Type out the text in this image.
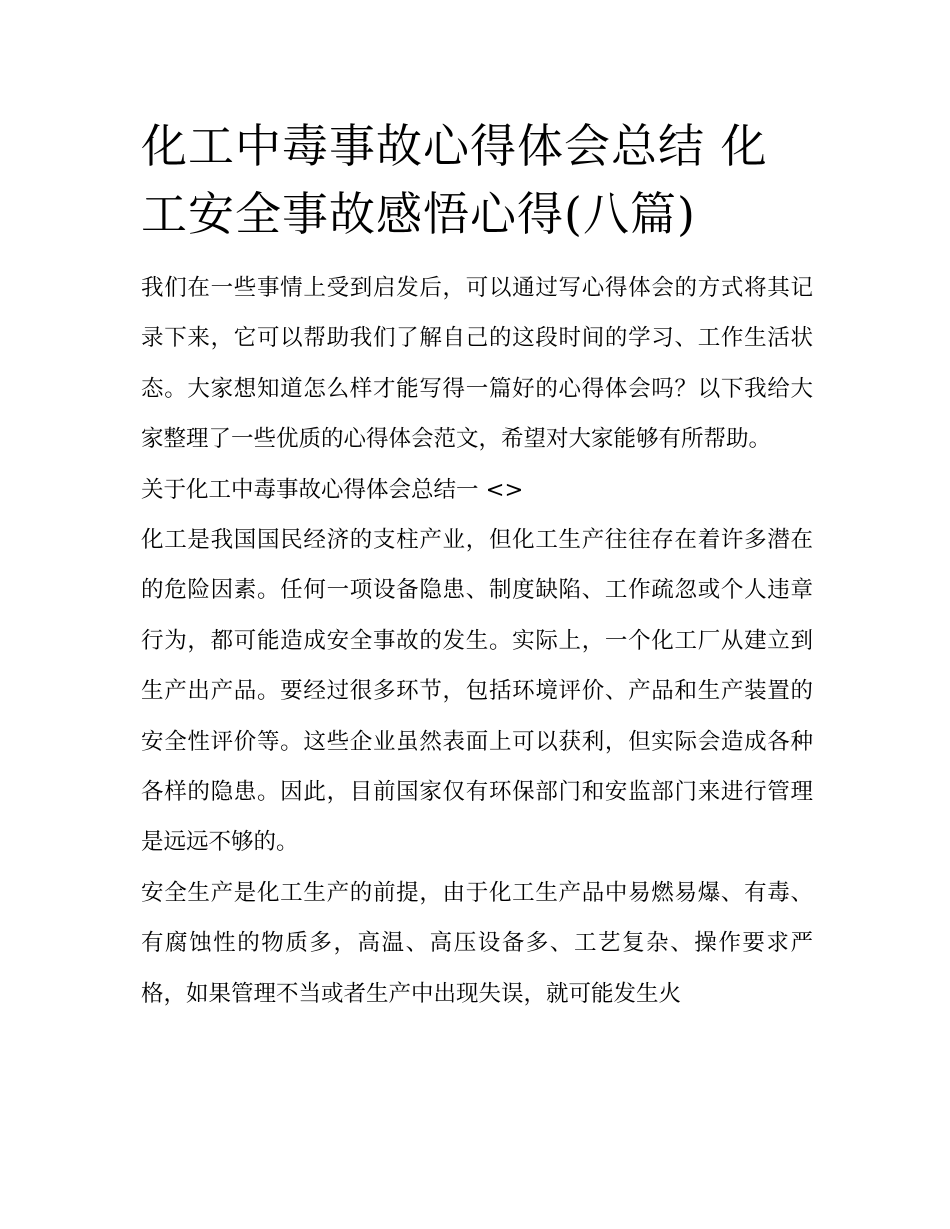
化工中毒事故心得体会总结 化工安全事故感悟心得(八篇)

我们在一些事情上受到启发后，可以通过写心得体会的方式将其记录下来，它可以帮助我们了解自己的这段时间的学习、工作生活状态。大家想知道怎么样才能写得一篇好的心得体会吗？以下我给大家整理了一些优质的心得体会范文，希望对大家能够有所帮助。

关于化工中毒事故心得体会总结一 <>

化工是我国国民经济的支柱产业，但化工生产往往存在着许多潜在的危险因素。任何一项设备隐患、制度缺陷、工作疏忽或个人违章行为，都可能造成安全事故的发生。实际上，一个化工厂从建立到生产出产品。要经过很多环节，包括环境评价、产品和生产装置的安全性评价等。这些企业虽然表面上可以获利，但实际会造成各种各样的隐患。因此，目前国家仅有环保部门和安监部门来进行管理是远远不够的。

安全生产是化工生产的前提，由于化工生产品中易燃易爆、有毒、有腐蚀性的物质多，高温、高压设备多、工艺复杂、操作要求严格，如果管理不当或者生产中出现失误，就可能发生火
